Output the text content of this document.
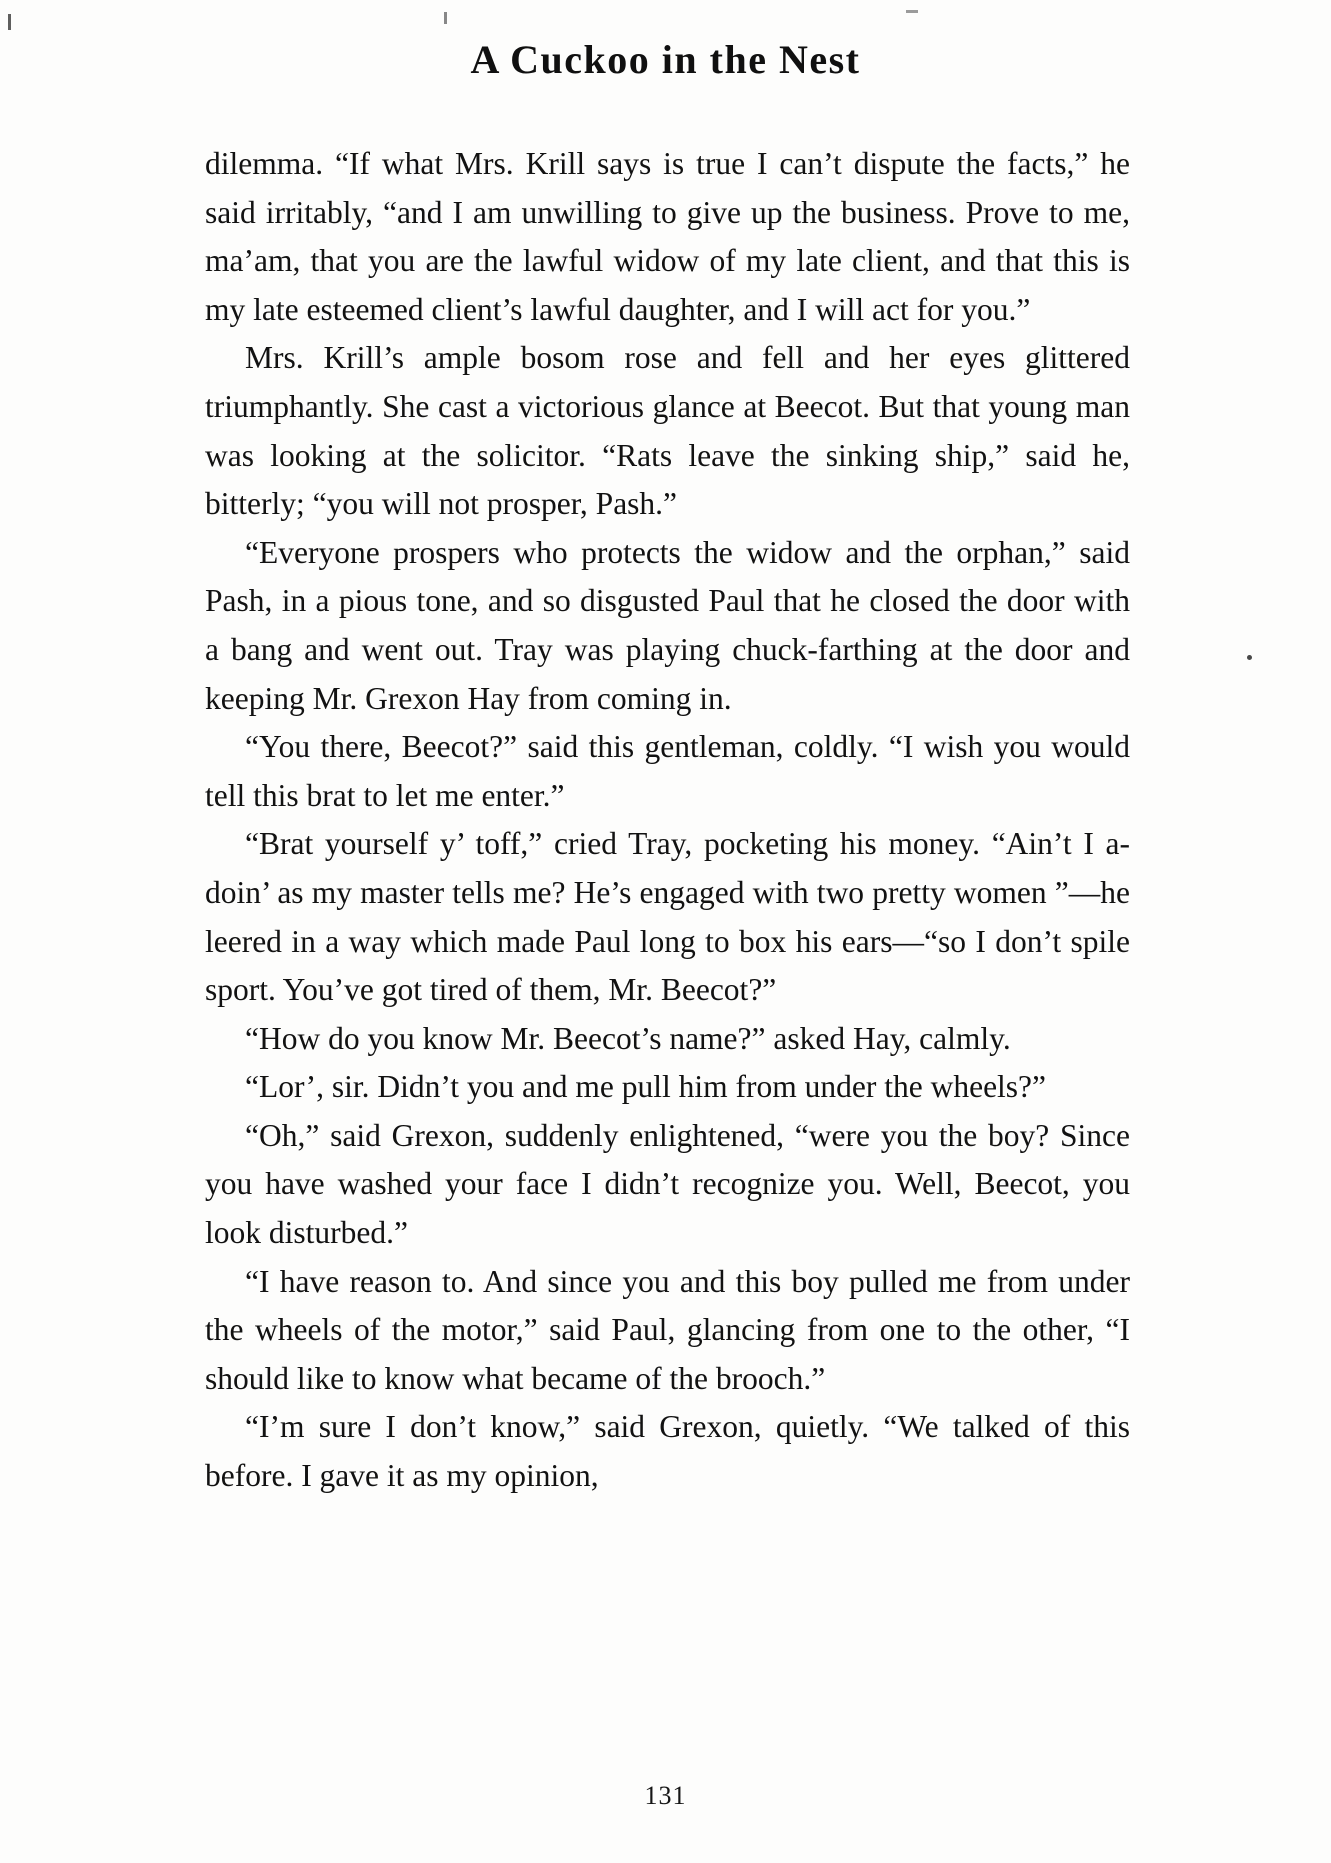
A Cuckoo in the Nest

dilemma. “If what Mrs. Krill says is true I can’t dispute the facts,” he said irritably, “and I am unwilling to give up the business. Prove to me, ma’am, that you are the lawful widow of my late client, and that this is my late esteemed client’s lawful daughter, and I will act for you.”

Mrs. Krill’s ample bosom rose and fell and her eyes glittered triumphantly. She cast a victorious glance at Beecot. But that young man was looking at the solicitor. “Rats leave the sinking ship,” said he, bitterly; “you will not prosper, Pash.”

“Everyone prospers who protects the widow and the orphan,” said Pash, in a pious tone, and so disgusted Paul that he closed the door with a bang and went out. Tray was playing chuck-farthing at the door and keeping Mr. Grexon Hay from coming in.

“You there, Beecot?” said this gentleman, coldly. “I wish you would tell this brat to let me enter.”

“Brat yourself y’ toff,” cried Tray, pocketing his money. “Ain’t I a-doin’ as my master tells me? He’s engaged with two pretty women ”—he leered in a way which made Paul long to box his ears—“so I don’t spile sport. You’ve got tired of them, Mr. Beecot?”

“How do you know Mr. Beecot’s name?” asked Hay, calmly.

“Lor’, sir. Didn’t you and me pull him from under the wheels?”

“Oh,” said Grexon, suddenly enlightened, “were you the boy? Since you have washed your face I didn’t recognize you. Well, Beecot, you look disturbed.”

“I have reason to. And since you and this boy pulled me from under the wheels of the motor,” said Paul, glancing from one to the other, “I should like to know what became of the brooch.”

“I’m sure I don’t know,” said Grexon, quietly. “We talked of this before. I gave it as my opinion,

131
